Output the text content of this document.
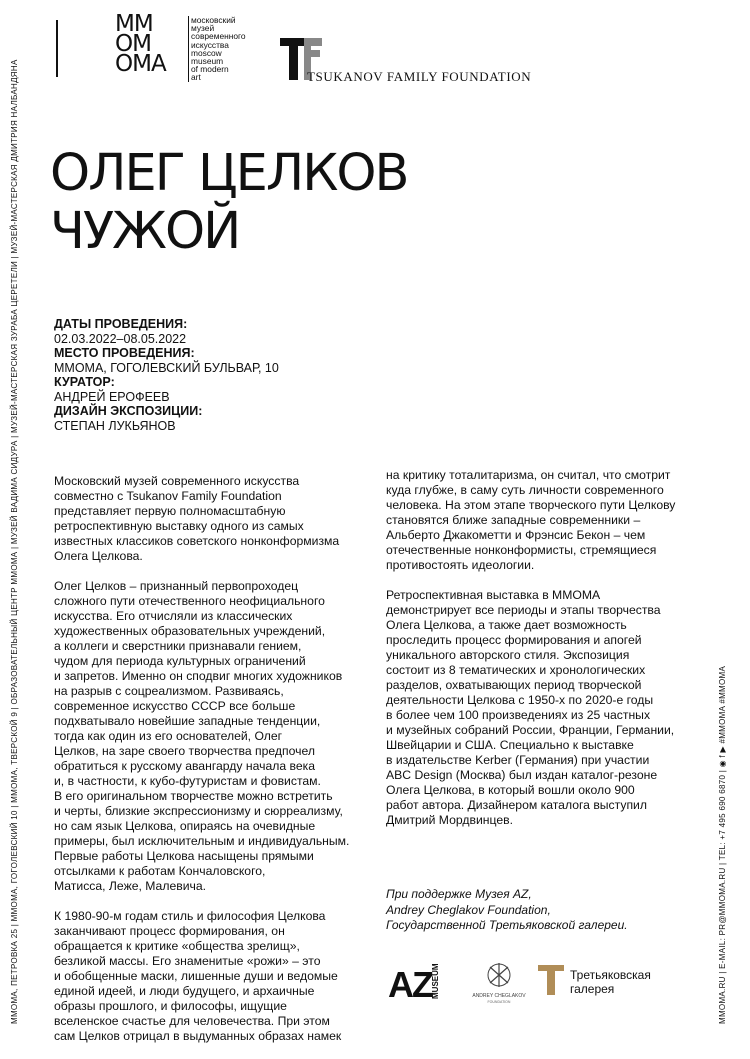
ММОМА, ПЕТРОВКА 25 | ММОМА, ГОГОЛЕВСКИЙ 10 | ММОМА, ТВЕРСКОЙ 9 | ОБРАЗОВАТЕЛЬНЫЙ ЦЕНТР ММОМА | МУЗЕЙ ВАДИМА СИДУРА | МУЗЕЙ-МАСТЕРСКАЯ ЗУРАБА ЦЕРЕТЕЛИ | МУЗЕЙ-МАСТЕРСКАЯ ДМИТРИЯ НАЛБАНДЯНА	MMOMA.RU | E-MAIL: PR@MMOMA.RU | TEL: +7 495 690 6870 | ◉ f ▶ #MMOMA #ММОМА
ММ
ОМ
ОМА
московский
музей
современного
искусства
moscow
museum
of modern
art	TSUKANOV FAMILY FOUNDATION
ОЛЕГ ЦЕЛКОВ
ЧУЖОЙ
ДАТЫ ПРОВЕДЕНИЯ:
02.03.2022–08.05.2022
МЕСТО ПРОВЕДЕНИЯ:
ММОМА, ГОГОЛЕВСКИЙ БУЛЬВАР, 10
КУРАТОР:
АНДРЕЙ ЕРОФЕЕВ
ДИЗАЙН ЭКСПОЗИЦИИ:
СТЕПАН ЛУКЬЯНОВ

Московский музей современного искусства
совместно с Tsukanov Family Foundation
представляет первую полномасштабную
ретроспективную выставку одного из самых
известных классиков советского нонконформизма
Олега Целкова.

Олег Целков – признанный первопроходец
сложного пути отечественного неофициального
искусства. Его отчисляли из классических
художественных образовательных учреждений,
а коллеги и сверстники признавали гением,
чудом для периода культурных ограничений
и запретов. Именно он сподвиг многих художников
на разрыв с соцреализмом. Развиваясь,
современное искусство СССР все больше
подхватывало новейшие западные тенденции,
тогда как один из его основателей, Олег
Целков, на заре своего творчества предпочел
обратиться к русскому авангарду начала века
и, в частности, к кубо-футуристам и фовистам.
В его оригинальном творчестве можно встретить
и черты, близкие экспрессионизму и сюрреализму,
но сам язык Целкова, опираясь на очевидные
примеры, был исключительным и индивидуальным.
Первые работы Целкова насыщены прямыми
отсылками к работам Кончаловского,
Матисса, Леже, Малевича.

К 1980-90-м годам стиль и философия Целкова
заканчивают процесс формирования, он
обращается к критике «общества зрелищ»,
безликой массы. Его знаменитые «рожи» – это
и обобщенные маски, лишенные души и ведомые
единой идеей, и люди будущего, и архаичные
образы прошлого, и философы, ищущие
вселенское счастье для человечества. При этом
сам Целков отрицал в выдуманных образах намек

на критику тоталитаризма, он считал, что смотрит
куда глубже, в саму суть личности современного
человека. На этом этапе творческого пути Целкову
становятся ближе западные современники –
Альберто Джакометти и Фрэнсис Бекон – чем
отечественные нонконформисты, стремящиеся
противостоять идеологии.

Ретроспективная выставка в ММОМА
демонстрирует все периоды и этапы творчества
Олега Целкова, а также дает возможность
проследить процесс формирования и апогей
уникального авторского стиля. Экспозиция
состоит из 8 тематических и хронологических
разделов, охватывающих период творческой
деятельности Целкова с 1950-х по 2020-е годы
в более чем 100 произведениях из 25 частных
и музейных собраний России, Франции, Германии,
Швейцарии и США. Специально к выставке
в издательстве Kerber (Германия) при участии
ABC Design (Москва) был издан каталог-резоне
Олега Целкова, в который вошли около 900
работ автора. Дизайнером каталога выступил
Дмитрий Мордвинцев.

При поддержке Музея AZ,
Andrey Cheglakov Foundation,
Государственной Третьяковской галереи.
AZ MUSEUM	ANDREY CHEGLAKOV
FOUNDATION
Третьяковская
галерея
